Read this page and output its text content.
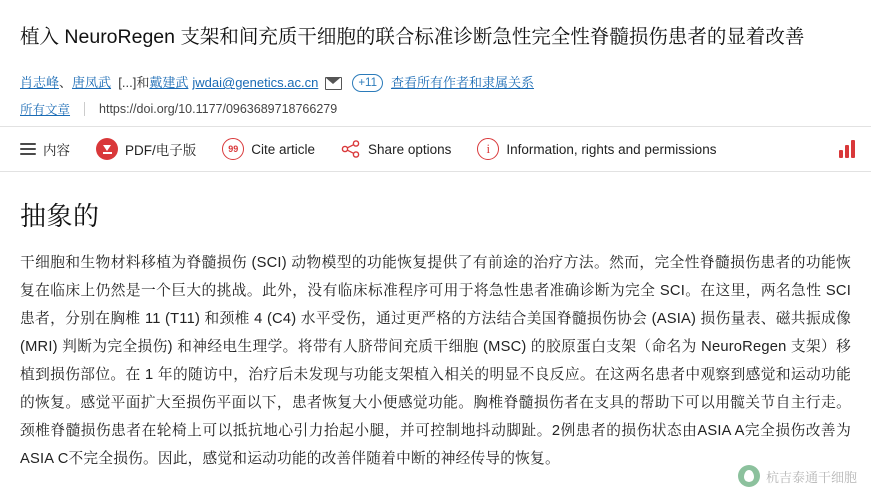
植入 NeuroRegen 支架和间充质干细胞的联合标准诊断急性完全性脊髓损伤患者的显着改善
肖志峰 、 唐凤武 [...] 和 戴建武 jwdai@genetics.ac.cn	+11	查看所有作者和隶属关系
所有文章 https://doi.org/10.1177/0963689718766279
内容	PDF/电子版	99 Cite article	Share options	i	Information, rights and permissions
抽象的

干细胞和生物材料移植为脊髓损伤 (SCI) 动物模型的功能恢复提供了有前途的治疗方法。然而，完全性脊髓损伤患者的功能恢复在临床上仍然是一个巨大的挑战。此外，没有临床标准程序可用于将急性患者准确诊断为完全 SCI。在这里，两名急性 SCI 患者，分别在胸椎 11 (T11) 和颈椎 4 (C4) 水平受伤，通过更严格的方法结合美国脊髓损伤协会 (ASIA) 损伤量表、磁共振成像 (MRI) 判断为完全损伤) 和神经电生理学。将带有人脐带间充质干细胞 (MSC) 的胶原蛋白支架（命名为 NeuroRegen 支架）移植到损伤部位。在 1 年的随访中，治疗后未发现与功能支架植入相关的明显不良反应。在这两名患者中观察到感觉和运动功能的恢复。感觉平面扩大至损伤平面以下，患者恢复大小便感觉功能。胸椎脊髓损伤者在支具的帮助下可以用髋关节自主行走。颈椎脊髓损伤患者在轮椅上可以抵抗地心引力抬起小腿，并可控制地抖动脚趾。2例患者的损伤状态由ASIA A完全损伤改善为ASIA C不完全损伤。因此，感觉和运动功能的改善伴随着中断的神经传导的恢复。

杭吉泰通干细胞
